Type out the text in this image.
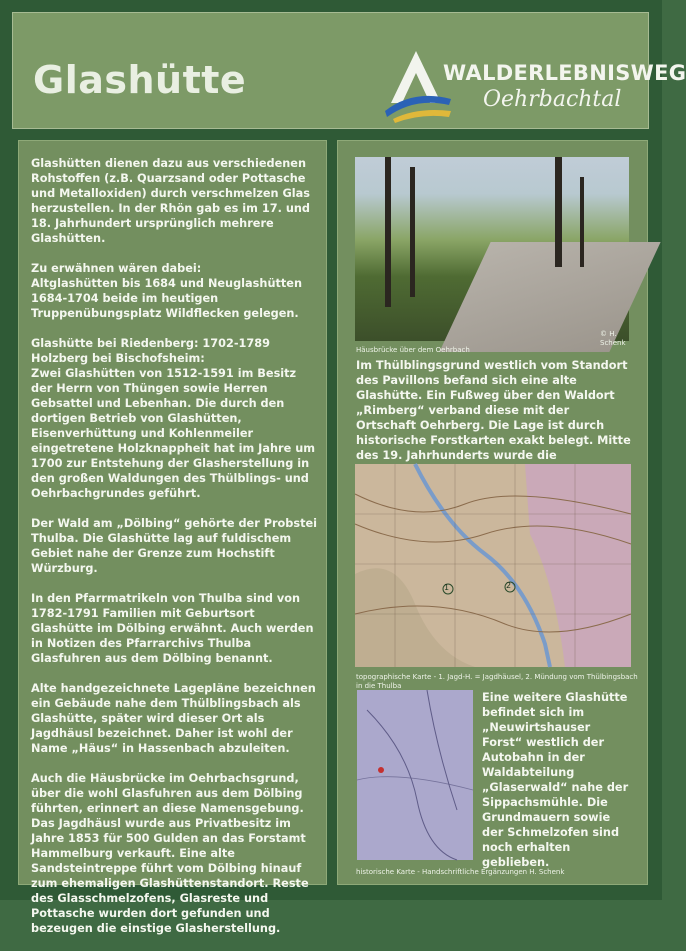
Glashütte	WALDERLEBNISWEG
Oehrbachtal

Glashütten dienen dazu aus verschiedenen Rohstoffen (z.B. Quarzsand oder Pottasche und Metalloxiden) durch verschmelzen Glas herzustellen. In der Rhön gab es im 17. und 18. Jahrhundert ursprünglich mehrere Glashütten.

Zu erwähnen wären dabei:
Altglashütten bis 1684 und Neuglashütten 1684-1704 beide im heutigen Truppenübungsplatz Wildflecken gelegen.

Glashütte bei Riedenberg: 1702-1789
Holzberg bei Bischofsheim:
Zwei Glashütten von 1512-1591 im Besitz der Herrn von Thüngen sowie Herren Gebsattel und Lebenhan. Die durch den dortigen Betrieb von Glashütten, Eisenverhüttung und Kohlenmeiler eingetretene Holzknappheit hat im Jahre um 1700 zur Entstehung der Glasherstellung in den großen Waldungen des Thülblings- und Oehrbachgrundes geführt.

Der Wald am „Dölbing“ gehörte der Probstei Thulba. Die Glashütte lag auf fuldischem Gebiet nahe der Grenze zum Hochstift Würzburg.

In den Pfarrmatrikeln von Thulba sind von 1782-1791 Familien mit Geburtsort Glashütte im Dölbing erwähnt. Auch werden in Notizen des Pfarrarchivs Thulba Glasfuhren aus dem Dölbing benannt.

Alte handgezeichnete Lagepläne bezeichnen ein Gebäude nahe dem Thülblingsbach als Glashütte, später wird dieser Ort als Jagdhäusl bezeichnet. Daher ist wohl der Name „Häus“ in Hassenbach abzuleiten.

Auch die Häusbrücke im Oehrbachsgrund, über die wohl Glasfuhren aus dem Dölbing führten, erinnert an diese Namensgebung. Das Jagdhäusl wurde aus Privatbesitz im Jahre 1853 für 500 Gulden an das Forstamt Hammelburg verkauft. Eine alte Sandsteintreppe führt vom Dölbing hinauf zum ehemaligen Glashüttenstandort. Reste des Glasschmelzofens, Glasreste und Pottasche wurden dort gefunden und bezeugen die einstige Glasherstellung.

© H. Schenk
Häusbrücke über dem Oehrbach
Im Thülblingsgrund westlich vom Standort des Pavillons befand sich eine alte Glashütte. Ein Fußweg über den Waldort „Rimberg“ verband diese mit der Ortschaft Oehrberg. Die Lage ist durch historische Forstkarten exakt belegt. Mitte des 19. Jahrhunderts wurde die
1	2
topographische Karte - 1. Jagd-H. = Jagdhäusel, 2. Mündung vom Thülbingsbach in die Thulba
Eine weitere Glashütte befindet sich im „Neuwirtshauser Forst“ westlich der Autobahn in der Waldabteilung „Glaserwald“ nahe der Sippachsmühle. Die Grundmauern sowie der Schmelzofen sind noch erhalten geblieben.
historische Karte - Handschriftliche Ergänzungen H. Schenk
